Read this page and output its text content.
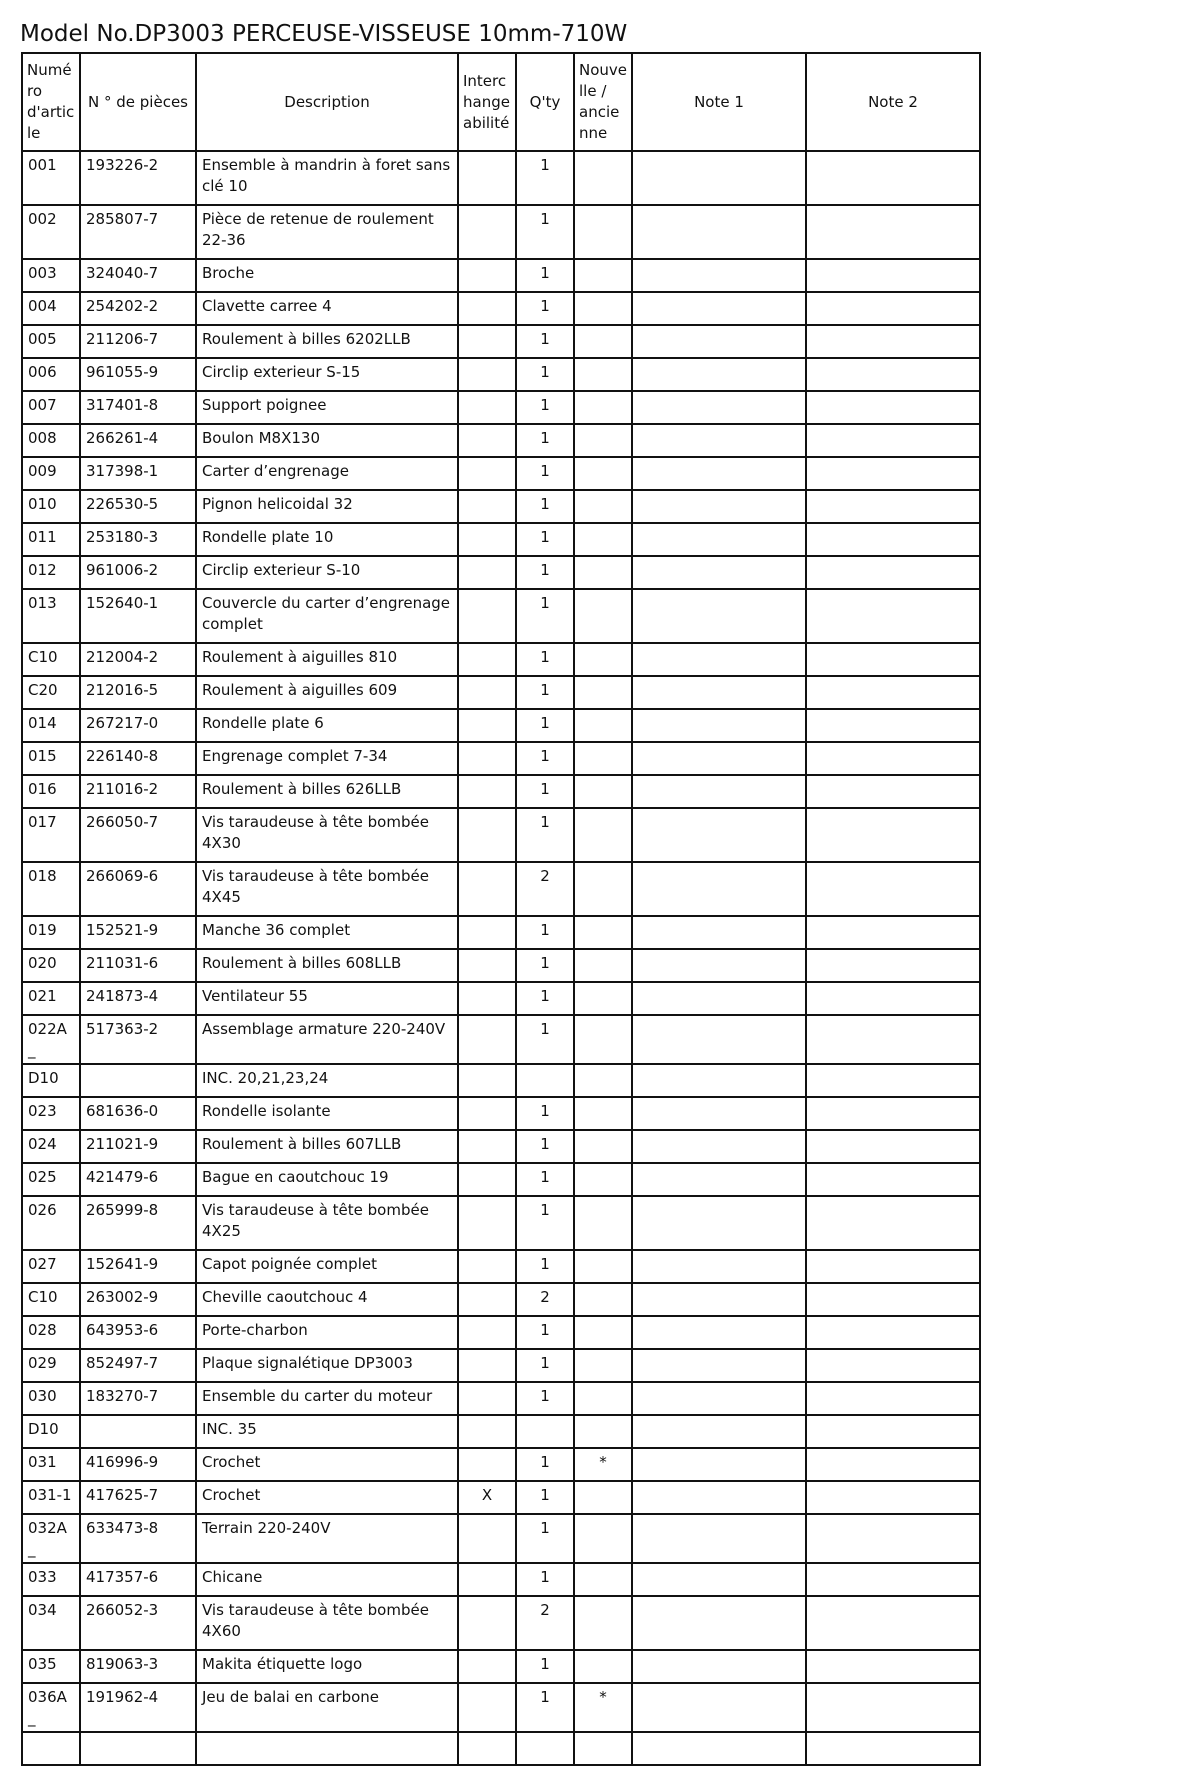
Model No.DP3003 PERCEUSE-VISSEUSE 10mm-710W
Numéro d'article	N ° de pièces	Description	Interchangeabilité	Q'ty	Nouvelle / ancienne	Note 1	Note 2
001	193226-2	Ensemble à mandrin à foret sans clé 10		1			
002	285807-7	Pièce de retenue de roulement 22-36		1			
003	324040-7	Broche		1			
004	254202-2	Clavette carree 4		1			
005	211206-7	Roulement à billes 6202LLB		1			
006	961055-9	Circlip exterieur S-15		1			
007	317401-8	Support poignee		1			
008	266261-4	Boulon M8X130		1			
009	317398-1	Carter d’engrenage		1			
010	226530-5	Pignon helicoidal 32		1			
011	253180-3	Rondelle plate 10		1			
012	961006-2	Circlip exterieur S-10		1			
013	152640-1	Couvercle du carter d’engrenage complet		1			
C10	212004-2	Roulement à aiguilles 810		1			
C20	212016-5	Roulement à aiguilles 609		1			
014	267217-0	Rondelle plate 6		1			
015	226140-8	Engrenage complet 7-34		1			
016	211016-2	Roulement à billes 626LLB		1			
017	266050-7	Vis taraudeuse à tête bombée 4X30		1			
018	266069-6	Vis taraudeuse à tête bombée 4X45		2			
019	152521-9	Manche 36 complet		1			
020	211031-6	Roulement à billes 608LLB		1			
021	241873-4	Ventilateur 55		1			
022A_	517363-2	Assemblage armature 220-240V		1			
D10		INC. 20,21,23,24					
023	681636-0	Rondelle isolante		1			
024	211021-9	Roulement à billes 607LLB		1			
025	421479-6	Bague en caoutchouc 19		1			
026	265999-8	Vis taraudeuse à tête bombée 4X25		1			
027	152641-9	Capot poignée complet		1			
C10	263002-9	Cheville caoutchouc 4		2			
028	643953-6	Porte-charbon		1			
029	852497-7	Plaque signalétique DP3003		1			
030	183270-7	Ensemble du carter du moteur		1			
D10		INC. 35					
031	416996-9	Crochet		1	*		
031-1	417625-7	Crochet	X	1			
032A_	633473-8	Terrain 220-240V		1			
033	417357-6	Chicane		1			
034	266052-3	Vis taraudeuse à tête bombée 4X60		2			
035	819063-3	Makita étiquette logo		1			
036A_	191962-4	Jeu de balai en carbone		1	*		
